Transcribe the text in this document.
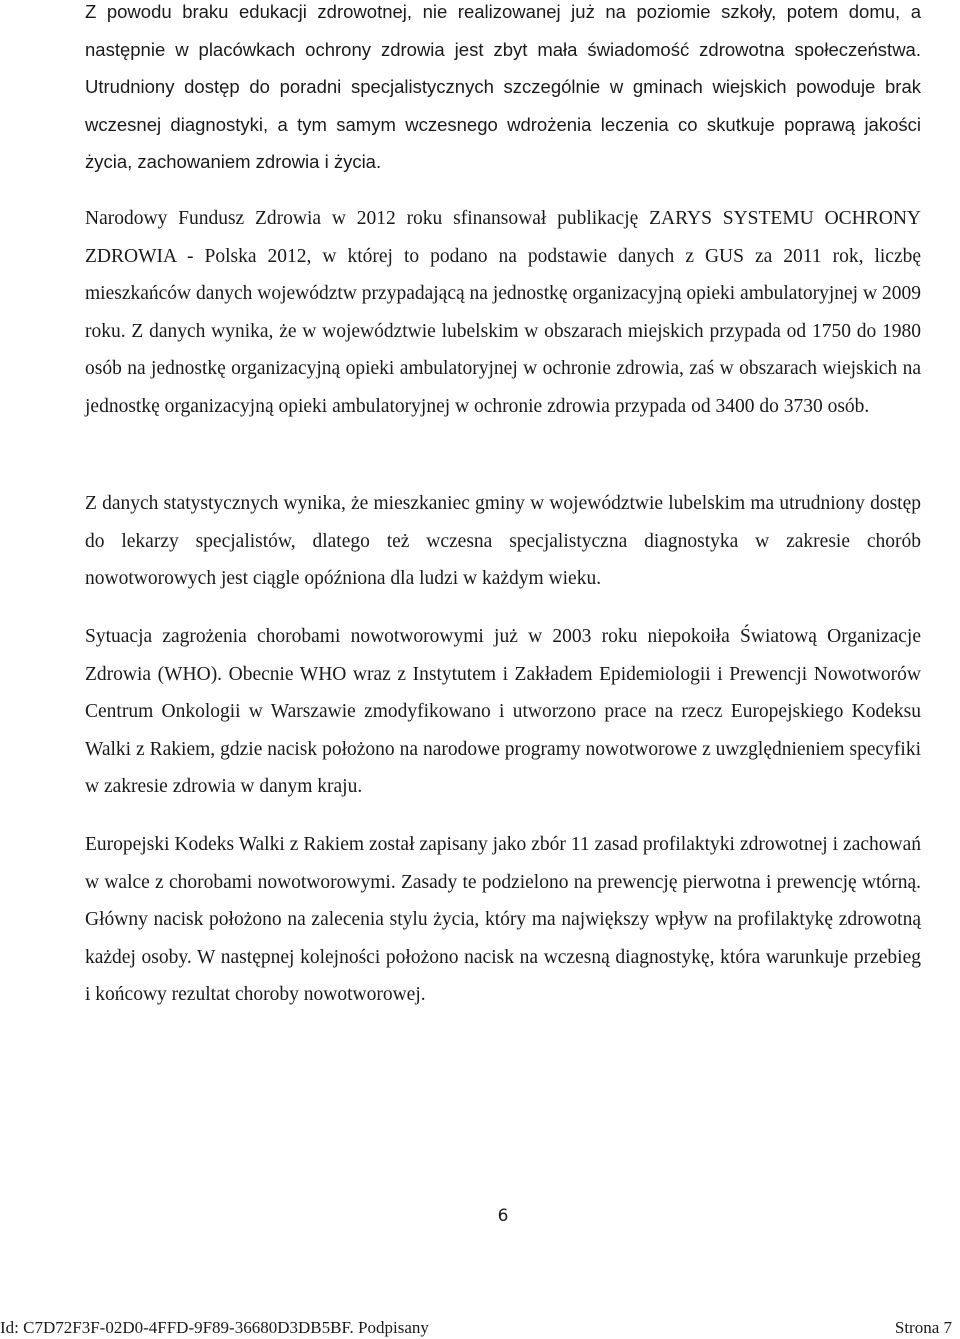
Z powodu braku edukacji zdrowotnej, nie realizowanej już na poziomie szkoły, potem domu, a następnie w placówkach ochrony zdrowia jest zbyt mała świadomość zdrowotna społeczeństwa. Utrudniony dostęp do poradni specjalistycznych szczególnie w gminach wiejskich powoduje brak wczesnej diagnostyki, a tym samym wczesnego wdrożenia leczenia co skutkuje poprawą jakości życia, zachowaniem zdrowia i życia.

Narodowy Fundusz Zdrowia w 2012 roku sfinansował publikację ZARYS SYSTEMU OCHRONY ZDROWIA - Polska 2012, w której to podano na podstawie danych z GUS za 2011 rok, liczbę mieszkańców danych województw przypadającą na jednostkę organizacyjną opieki ambulatoryjnej w 2009 roku. Z danych wynika, że w województwie lubelskim w obszarach miejskich przypada od 1750 do 1980 osób na jednostkę organizacyjną opieki ambulatoryjnej w ochronie zdrowia, zaś w obszarach wiejskich na jednostkę organizacyjną opieki ambulatoryjnej w ochronie zdrowia przypada od 3400 do 3730 osób.

Z danych statystycznych wynika, że mieszkaniec gminy w województwie lubelskim ma utrudniony dostęp do lekarzy specjalistów, dlatego też wczesna specjalistyczna diagnostyka w zakresie chorób nowotworowych jest ciągle opóźniona dla ludzi w każdym wieku.

Sytuacja zagrożenia chorobami nowotworowymi już w 2003 roku niepokoiła Światową Organizacje Zdrowia (WHO). Obecnie WHO wraz z Instytutem i Zakładem Epidemiologii i Prewencji Nowotworów Centrum Onkologii w Warszawie zmodyfikowano i utworzono prace na rzecz Europejskiego Kodeksu Walki z Rakiem, gdzie nacisk położono na narodowe programy nowotworowe z uwzględnieniem specyfiki w zakresie zdrowia w danym kraju.

Europejski Kodeks Walki z Rakiem został zapisany jako zbór 11 zasad profilaktyki zdrowotnej i zachowań w walce z chorobami nowotworowymi. Zasady te podzielono na prewencję pierwotna i prewencję wtórną. Główny nacisk położono na zalecenia stylu życia, który ma największy wpływ na profilaktykę zdrowotną każdej osoby. W następnej kolejności położono nacisk na wczesną diagnostykę, która warunkuje przebieg i końcowy rezultat choroby nowotworowej.

6
Id: C7D72F3F-02D0-4FFD-9F89-36680D3DB5BF. Podpisany	Strona 7
